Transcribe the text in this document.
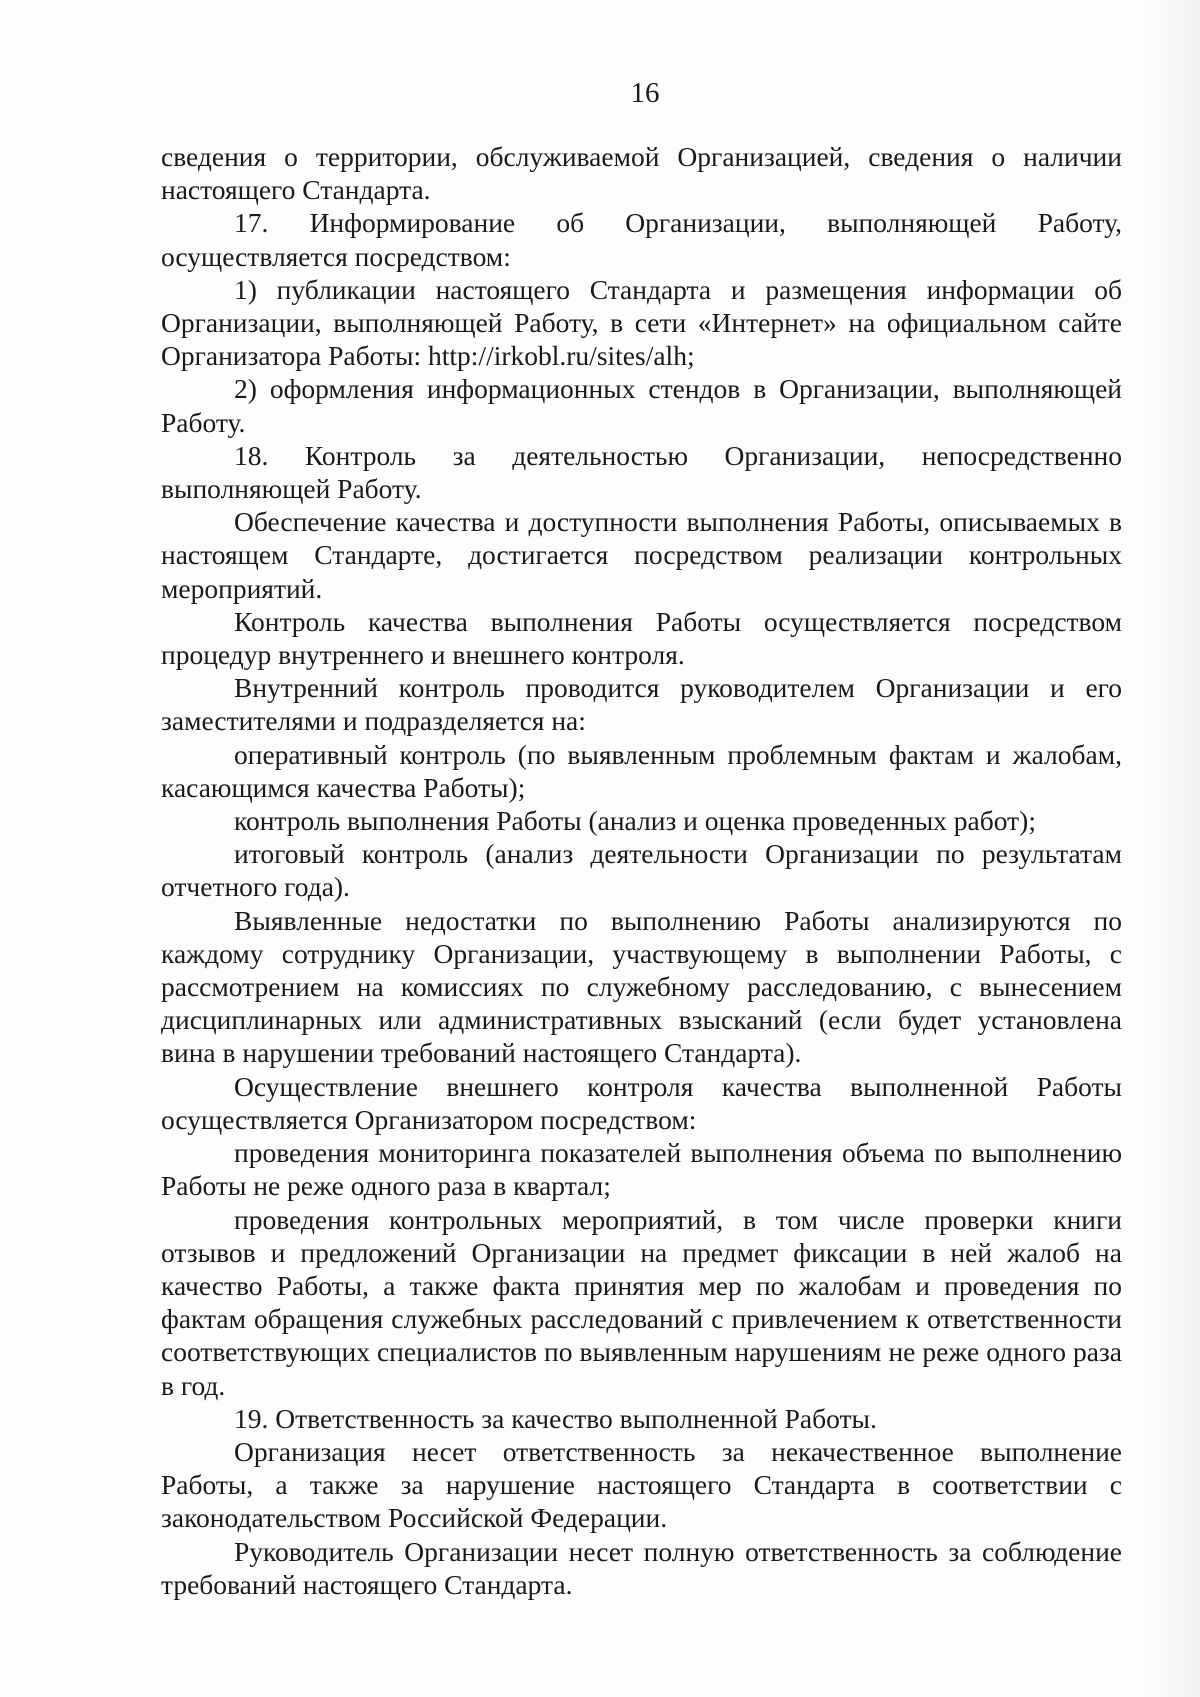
16

сведения о территории, обслуживаемой Организацией, сведения о наличии настоящего Стандарта.

17. Информирование об Организации, выполняющей Работу, осуществляется посредством:

1) публикации настоящего Стандарта и размещения информации об Организации, выполняющей Работу, в сети «Интернет» на официальном сайте Организатора Работы: http://irkobl.ru/sites/alh;

2) оформления информационных стендов в Организации, выполняющей Работу.

18. Контроль за деятельностью Организации, непосредственно выполняющей Работу.

Обеспечение качества и доступности выполнения Работы, описываемых в настоящем Стандарте, достигается посредством реализации контрольных мероприятий.

Контроль качества выполнения Работы осуществляется посредством процедур внутреннего и внешнего контроля.

Внутренний контроль проводится руководителем Организации и его заместителями и подразделяется на:

оперативный контроль (по выявленным проблемным фактам и жалобам, касающимся качества Работы);

контроль выполнения Работы (анализ и оценка проведенных работ);

итоговый контроль (анализ деятельности Организации по результатам отчетного года).

Выявленные недостатки по выполнению Работы анализируются по каждому сотруднику Организации, участвующему в выполнении Работы, с рассмотрением на комиссиях по служебному расследованию, с вынесением дисциплинарных или административных взысканий (если будет установлена вина в нарушении требований настоящего Стандарта).

Осуществление внешнего контроля качества выполненной Работы осуществляется Организатором посредством:

проведения мониторинга показателей выполнения объема по выполнению Работы не реже одного раза в квартал;

проведения контрольных мероприятий, в том числе проверки книги отзывов и предложений Организации на предмет фиксации в ней жалоб на качество Работы, а также факта принятия мер по жалобам и проведения по фактам обращения служебных расследований с привлечением к ответственности соответствующих специалистов по выявленным нарушениям не реже одного раза в год.

19. Ответственность за качество выполненной Работы.

Организация несет ответственность за некачественное выполнение Работы, а также за нарушение настоящего Стандарта в соответствии с законодательством Российской Федерации.

Руководитель Организации несет полную ответственность за соблюдение требований настоящего Стандарта.
